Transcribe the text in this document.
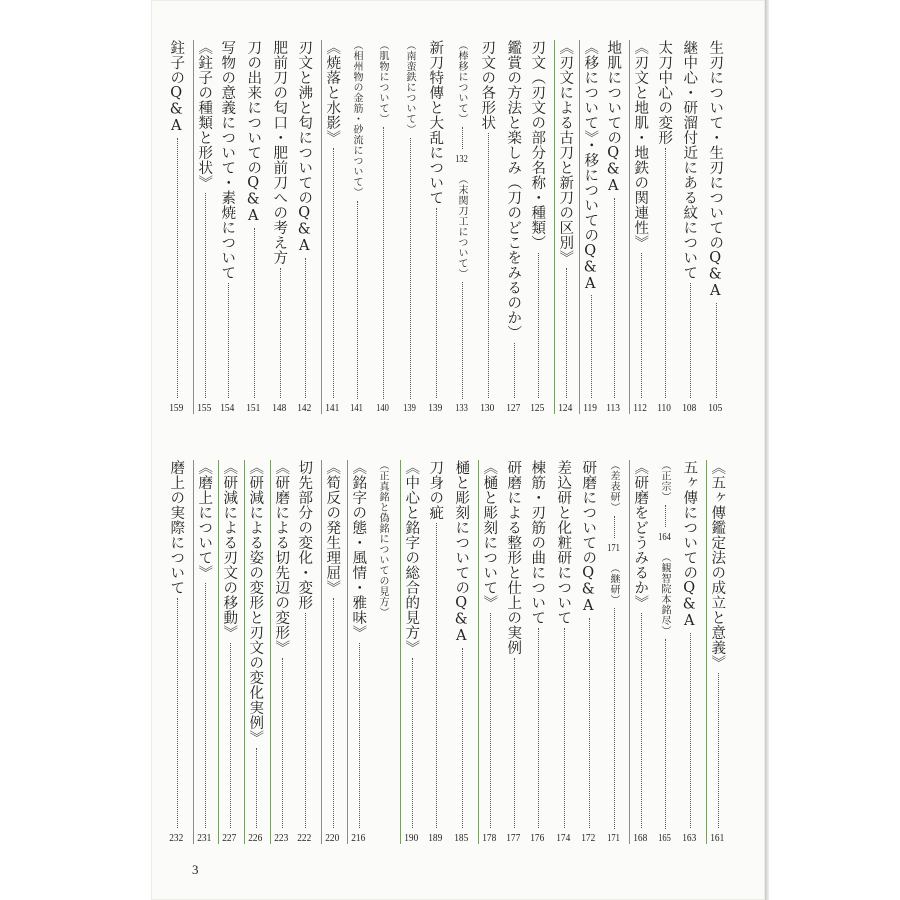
生刃について・生刃についてのQ&A
105
継中心・研溜付近にある紋について
108
太刀中心の変形
110
《刃文と地肌・地鉄の関連性》
112
地肌についてのQ&A
113
《移について》・移についてのQ&A
119
《刃文による古刀と新刀の区別》
124
刃文（刃文の部分名称・種類）
125
鑑賞の方法と楽しみ（刀のどこをみるのか）
127
刃文の各形状
130
（棒移について）
132
（末関刀工について）
133
新刀特傳と大乱について
139
（南蛮鉄について）
139
（肌物について）
140
（相州物の金筋・砂流について）
141
《焼落と水影》
141
刃文と沸と匂についてのQ&A
142
肥前刀の匂口・肥前刀への考え方
148
刀の出来についてのQ&A
151
写物の意義について・素焼について
154
《鉒子の種類と形状》
155
鉒子のQ&A
159
《五ヶ傳鑑定法の成立と意義》
161
五ヶ傳についてのQ&A
163
（正宗）
164
（観智院本銘尽）
165
《研磨をどうみるか》
168
（差表研）
171
（継研）
171
研磨についてのQ&A
172
差込研と化粧研について
174
棟筋・刃筋の曲について
176
研磨による整形と仕上の実例
177
《樋と彫刻について》
178
樋と彫刻についてのQ&A
185
刀身の疵
189
《中心と銘字の総合的見方》
190
（正真銘と偽銘についての見方）
《銘字の態・風情・雅味》
216
《筍反の発生理屈》
220
切先部分の変化・変形
222
《研磨による切先辺の変形》
223
《研減による姿の変形と刃文の変化実例》
226
《研減による刃文の移動》
227
《磨上について》
231
磨上の実際について
232
3
